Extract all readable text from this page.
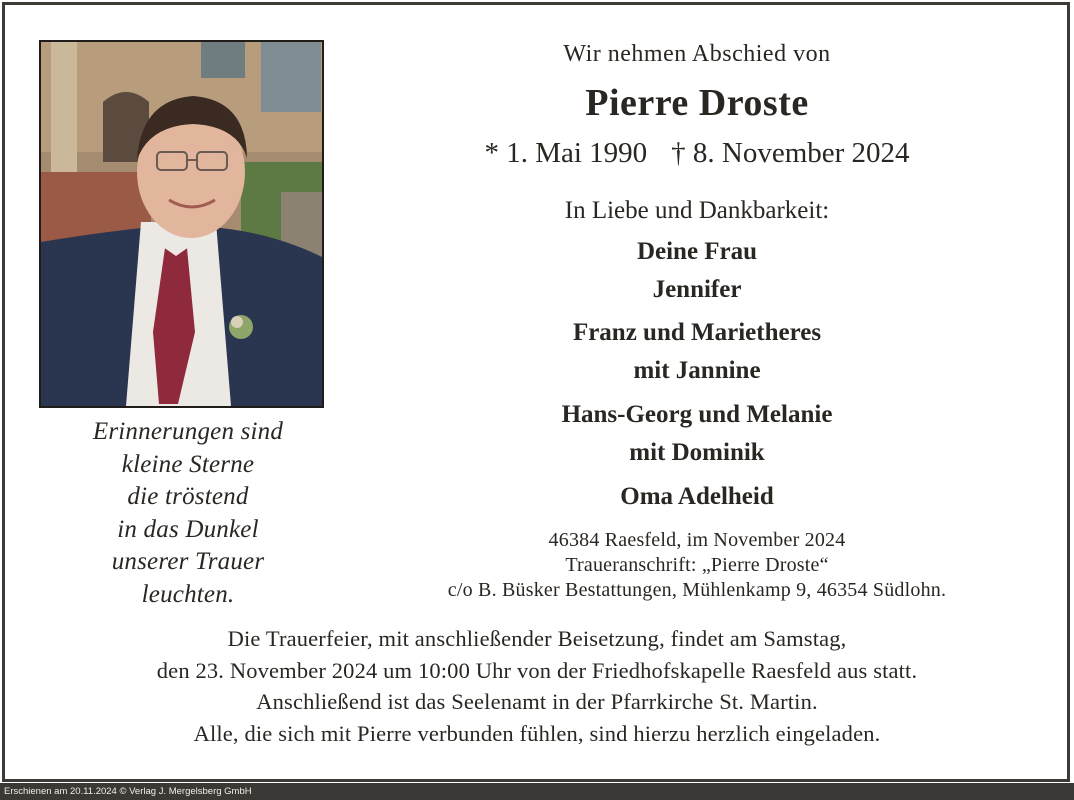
Erinnerungen sind
kleine Sterne
die tröstend
in das Dunkel
unserer Trauer
leuchten.
Wir nehmen Abschied von
Pierre Droste
* 1. Mai 1990 † 8. November 2024
In Liebe und Dankbarkeit:
Deine Frau
Jennifer
Franz und Marietheres
mit Jannine
Hans-Georg und Melanie
mit Dominik
Oma Adelheid
46384 Raesfeld, im November 2024
Traueranschrift: „Pierre Droste“
c/o B. Büsker Bestattungen, Mühlenkamp 9, 46354 Südlohn.
Die Trauerfeier, mit anschließender Beisetzung, findet am Samstag,
den 23. November 2024 um 10:00 Uhr von der Friedhofskapelle Raesfeld aus statt.
Anschließend ist das Seelenamt in der Pfarrkirche St. Martin.
Alle, die sich mit Pierre verbunden fühlen, sind hierzu herzlich eingeladen.
Erschienen am 20.11.2024 © Verlag J. Mergelsberg GmbH
